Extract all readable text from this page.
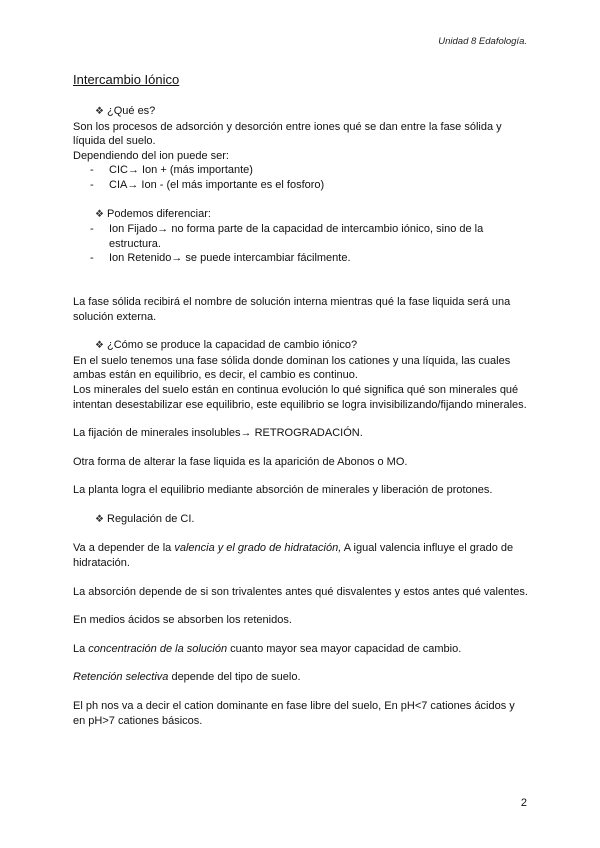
Unidad 8 Edafología.
Intercambio Iónico
❖ ¿Qué es?

Son los procesos de adsorción y desorción entre iones qué se dan entre la fase sólida y líquida del suelo.

Dependiendo del ion puede ser:

-	CIC→ Ion + (más importante)
-	CIA→ Ion - (el más importante es el fosforo)
❖ Podemos diferenciar:
-	Ion Fijado→ no forma parte de la capacidad de intercambio iónico, sino de la estructura.
-	Ion Retenido→ se puede intercambiar fácilmente.

La fase sólida recibirá el nombre de solución interna mientras qué la fase liquida será una solución externa.

❖ ¿Cómo se produce la capacidad de cambio iónico?

En el suelo tenemos una fase sólida donde dominan los cationes y una líquida, las cuales ambas están en equilibrio, es decir, el cambio es continuo.

Los minerales del suelo están en continua evolución lo qué significa qué son minerales qué intentan desestabilizar ese equilibrio, este equilibrio se logra invisibilizando/fijando minerales.

La fijación de minerales insolubles→ RETROGRADACIÓN.

Otra forma de alterar la fase liquida es la aparición de Abonos o MO.

La planta logra el equilibrio mediante absorción de minerales y liberación de protones.

❖ Regulación de CI.

Va a depender de la valencia y el grado de hidratación, A igual valencia influye el grado de hidratación.

La absorción depende de si son trivalentes antes qué disvalentes y estos antes qué valentes.

En medios ácidos se absorben los retenidos.

La concentración de la solución cuanto mayor sea mayor capacidad de cambio.

Retención selectiva depende del tipo de suelo.

El ph nos va a decir el cation dominante en fase libre del suelo, En pH<7 cationes ácidos y en pH>7 cationes básicos.

2
